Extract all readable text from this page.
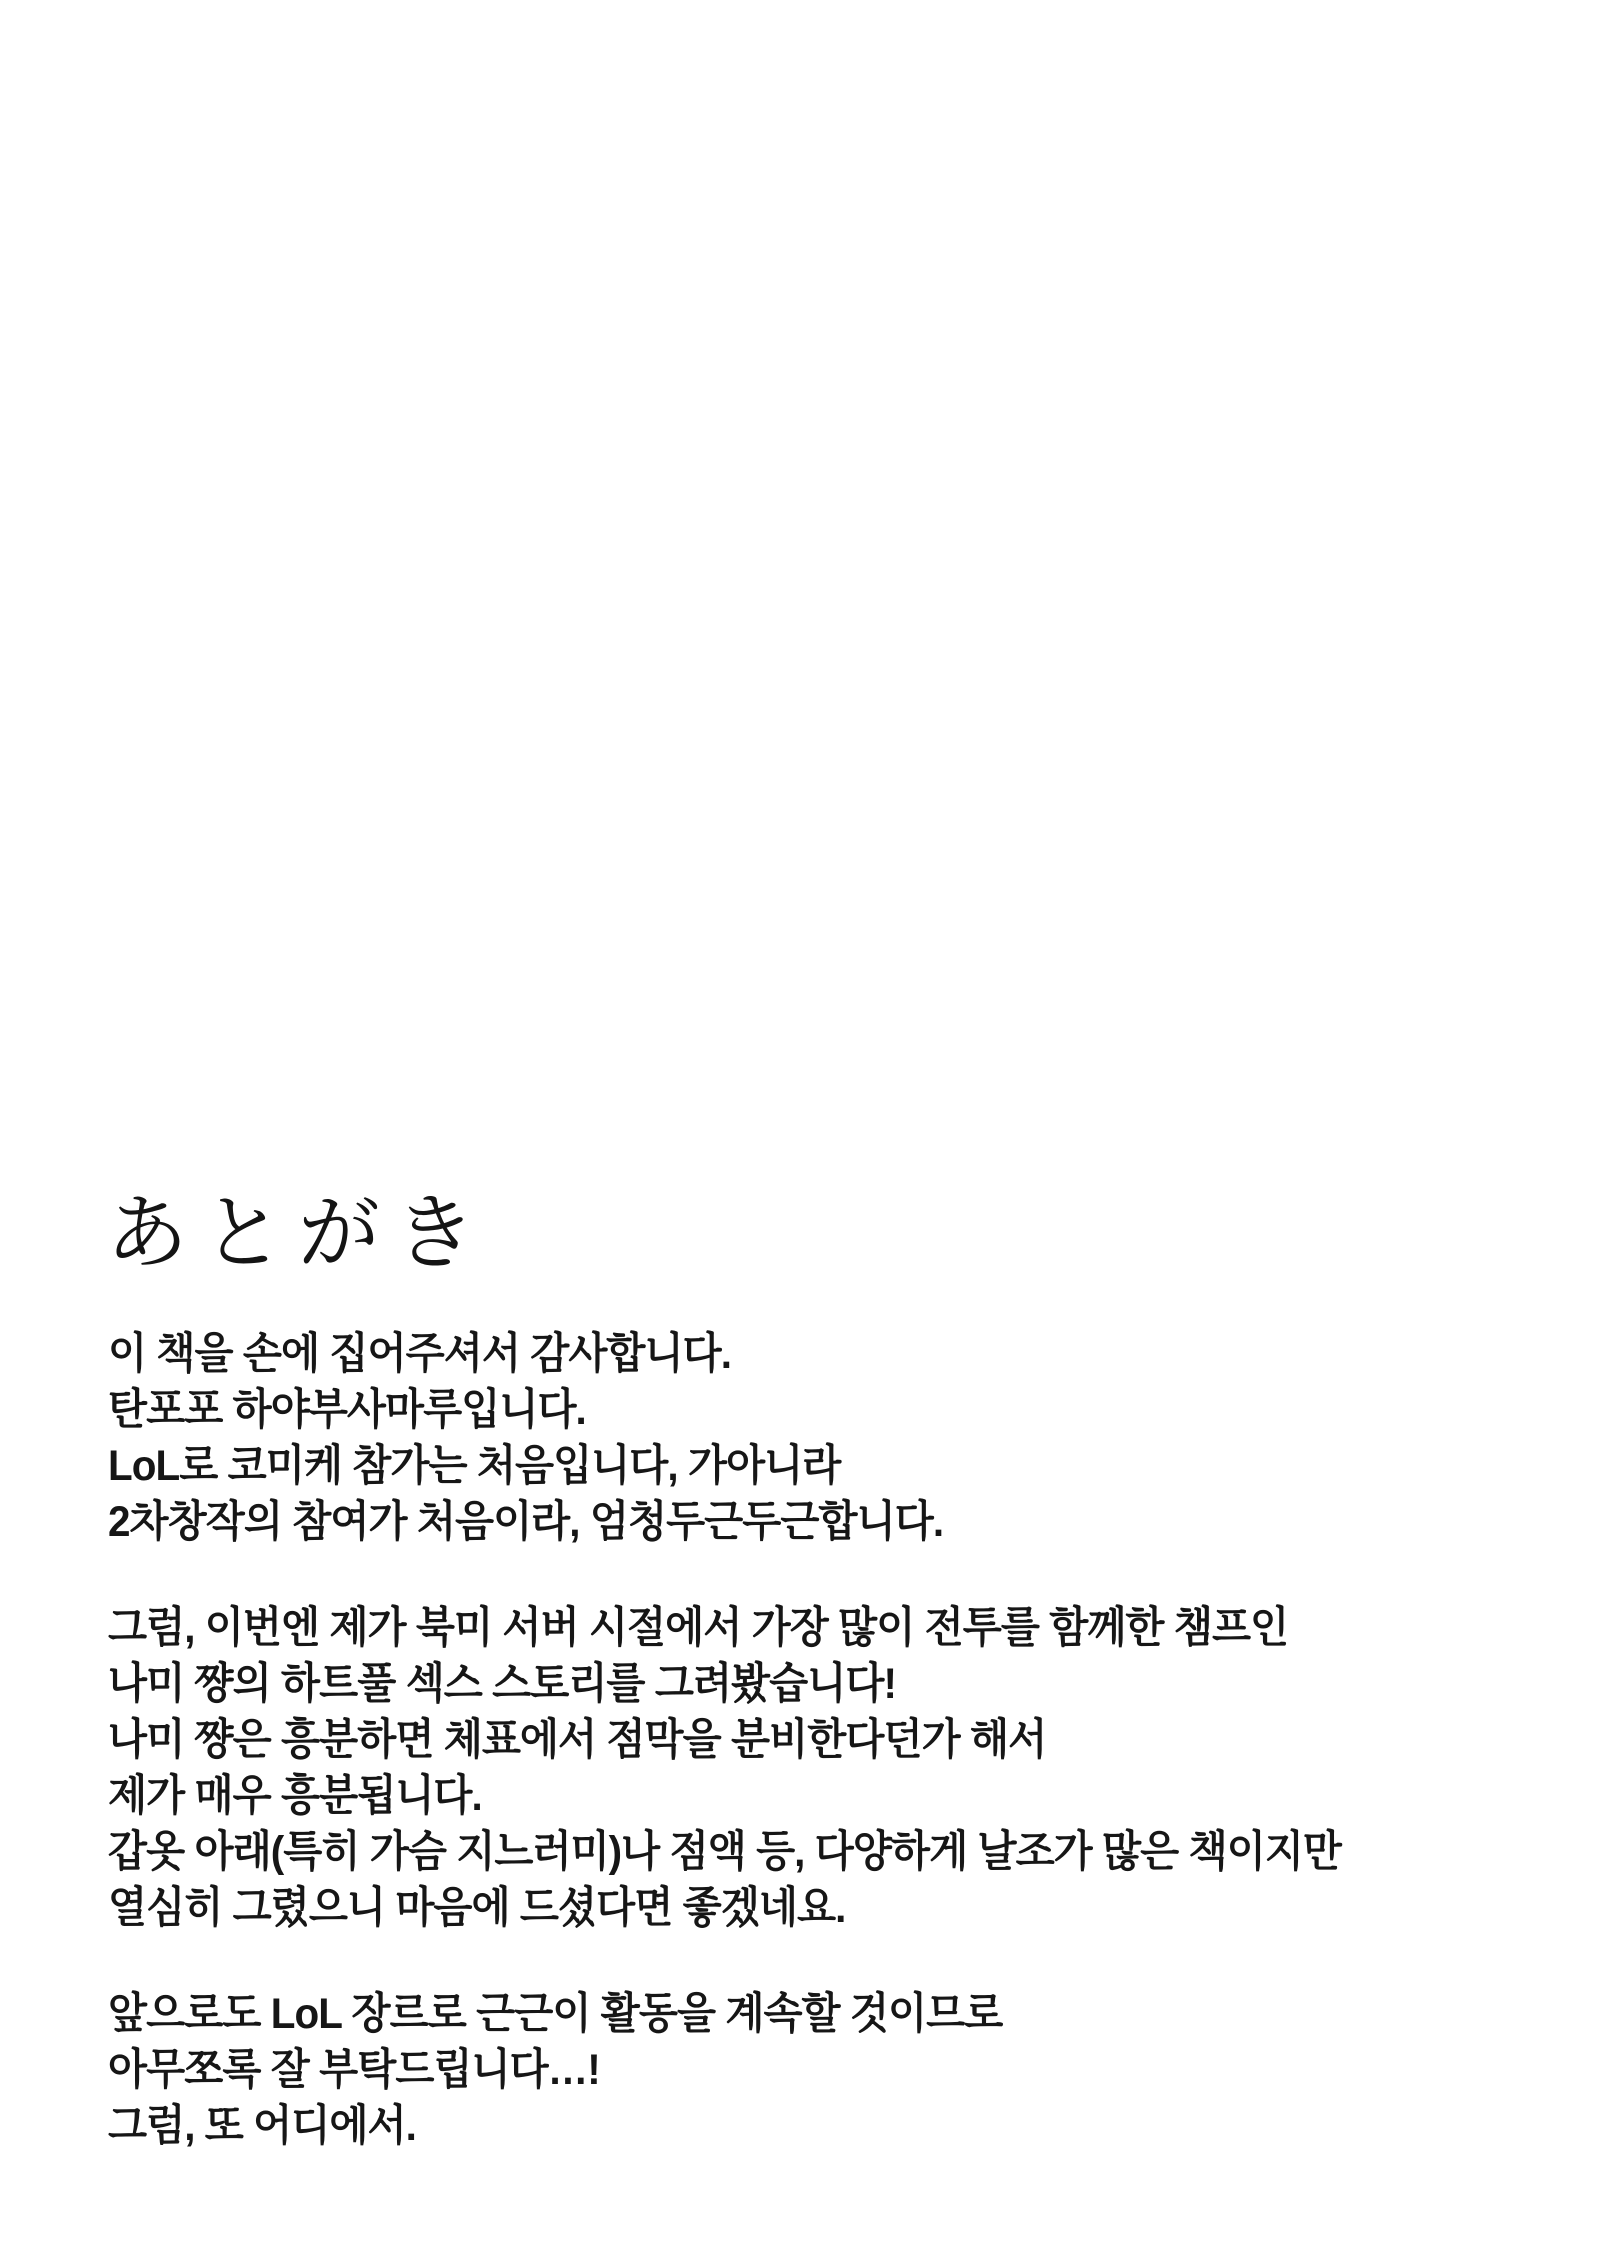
あとがき
이 책을 손에 집어주셔서 감사합니다.
탄포포 하야부사마루입니다.
LoL로 코미케 참가는 처음입니다, 가아니라
2차창작의 참여가 처음이라, 엄청두근두근합니다.
그럼, 이번엔 제가 북미 서버 시절에서 가장 많이 전투를 함께한 챔프인
나미 쨩의 하트풀 섹스 스토리를 그려봤습니다!
나미 쨩은 흥분하면 체표에서 점막을 분비한다던가 해서
제가 매우 흥분됩니다.
갑옷 아래(특히 가슴 지느러미)나 점액 등, 다양하게 날조가 많은 책이지만
열심히 그렸으니 마음에 드셨다면 좋겠네요.
앞으로도 LoL 장르로 근근이 활동을 계속할 것이므로
아무쪼록 잘 부탁드립니다…!
그럼, 또 어디에서.
